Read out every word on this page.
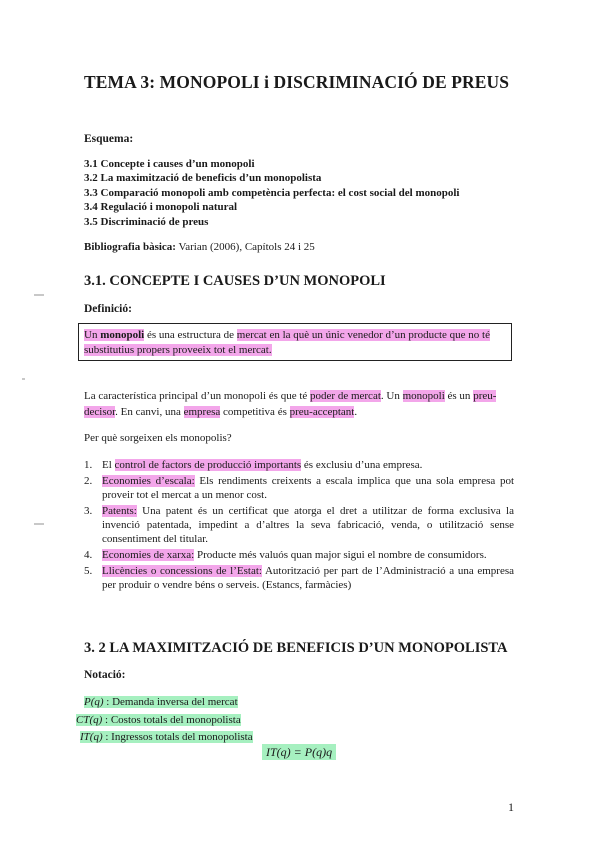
TEMA 3: MONOPOLI i DISCRIMINACIÓ DE PREUS
Esquema:
3.1 Concepte i causes d’un monopoli
3.2 La maximització de beneficis d’un monopolista
3.3 Comparació monopoli amb competència perfecta: el cost social del monopoli
3.4 Regulació i monopoli natural
3.5 Discriminació de preus
Bibliografia bàsica: Varian (2006), Capítols 24 i 25
3.1. CONCEPTE I CAUSES D’UN MONOPOLI
Definició:
Un monopoli és una estructura de mercat en la què un únic venedor d’un producte que no té substitutius propers proveeix tot el mercat.
La característica principal d’un monopoli és que té poder de mercat. Un monopoli és un preu-decisor. En canvi, una empresa competitiva és preu-acceptant.
Per què sorgeixen els monopolis?
1. El control de factors de producció importants és exclusiu d’una empresa.
2. Economies d’escala: Els rendiments creixents a escala implica que una sola empresa pot proveir tot el mercat a un menor cost.
3. Patents: Una patent és un certificat que atorga el dret a utilitzar de forma exclusiva la invenció patentada, impedint a d’altres la seva fabricació, venda, o utilització sense consentiment del titular.
4. Economies de xarxa: Producte més valuós quan major sigui el nombre de consumidors.
5. Llicències o concessions de l’Estat: Autorització per part de l’Administració a una empresa per produir o vendre béns o serveis. (Estancs, farmàcies)
3. 2 LA MAXIMITZACIÓ DE BENEFICIS D’UN MONOPOLISTA
Notació:
P(q) : Demanda inversa del mercat
CT(q) : Costos totals del monopolista
IT(q) : Ingressos totals del monopolista
IT(q) = P(q)q
1
